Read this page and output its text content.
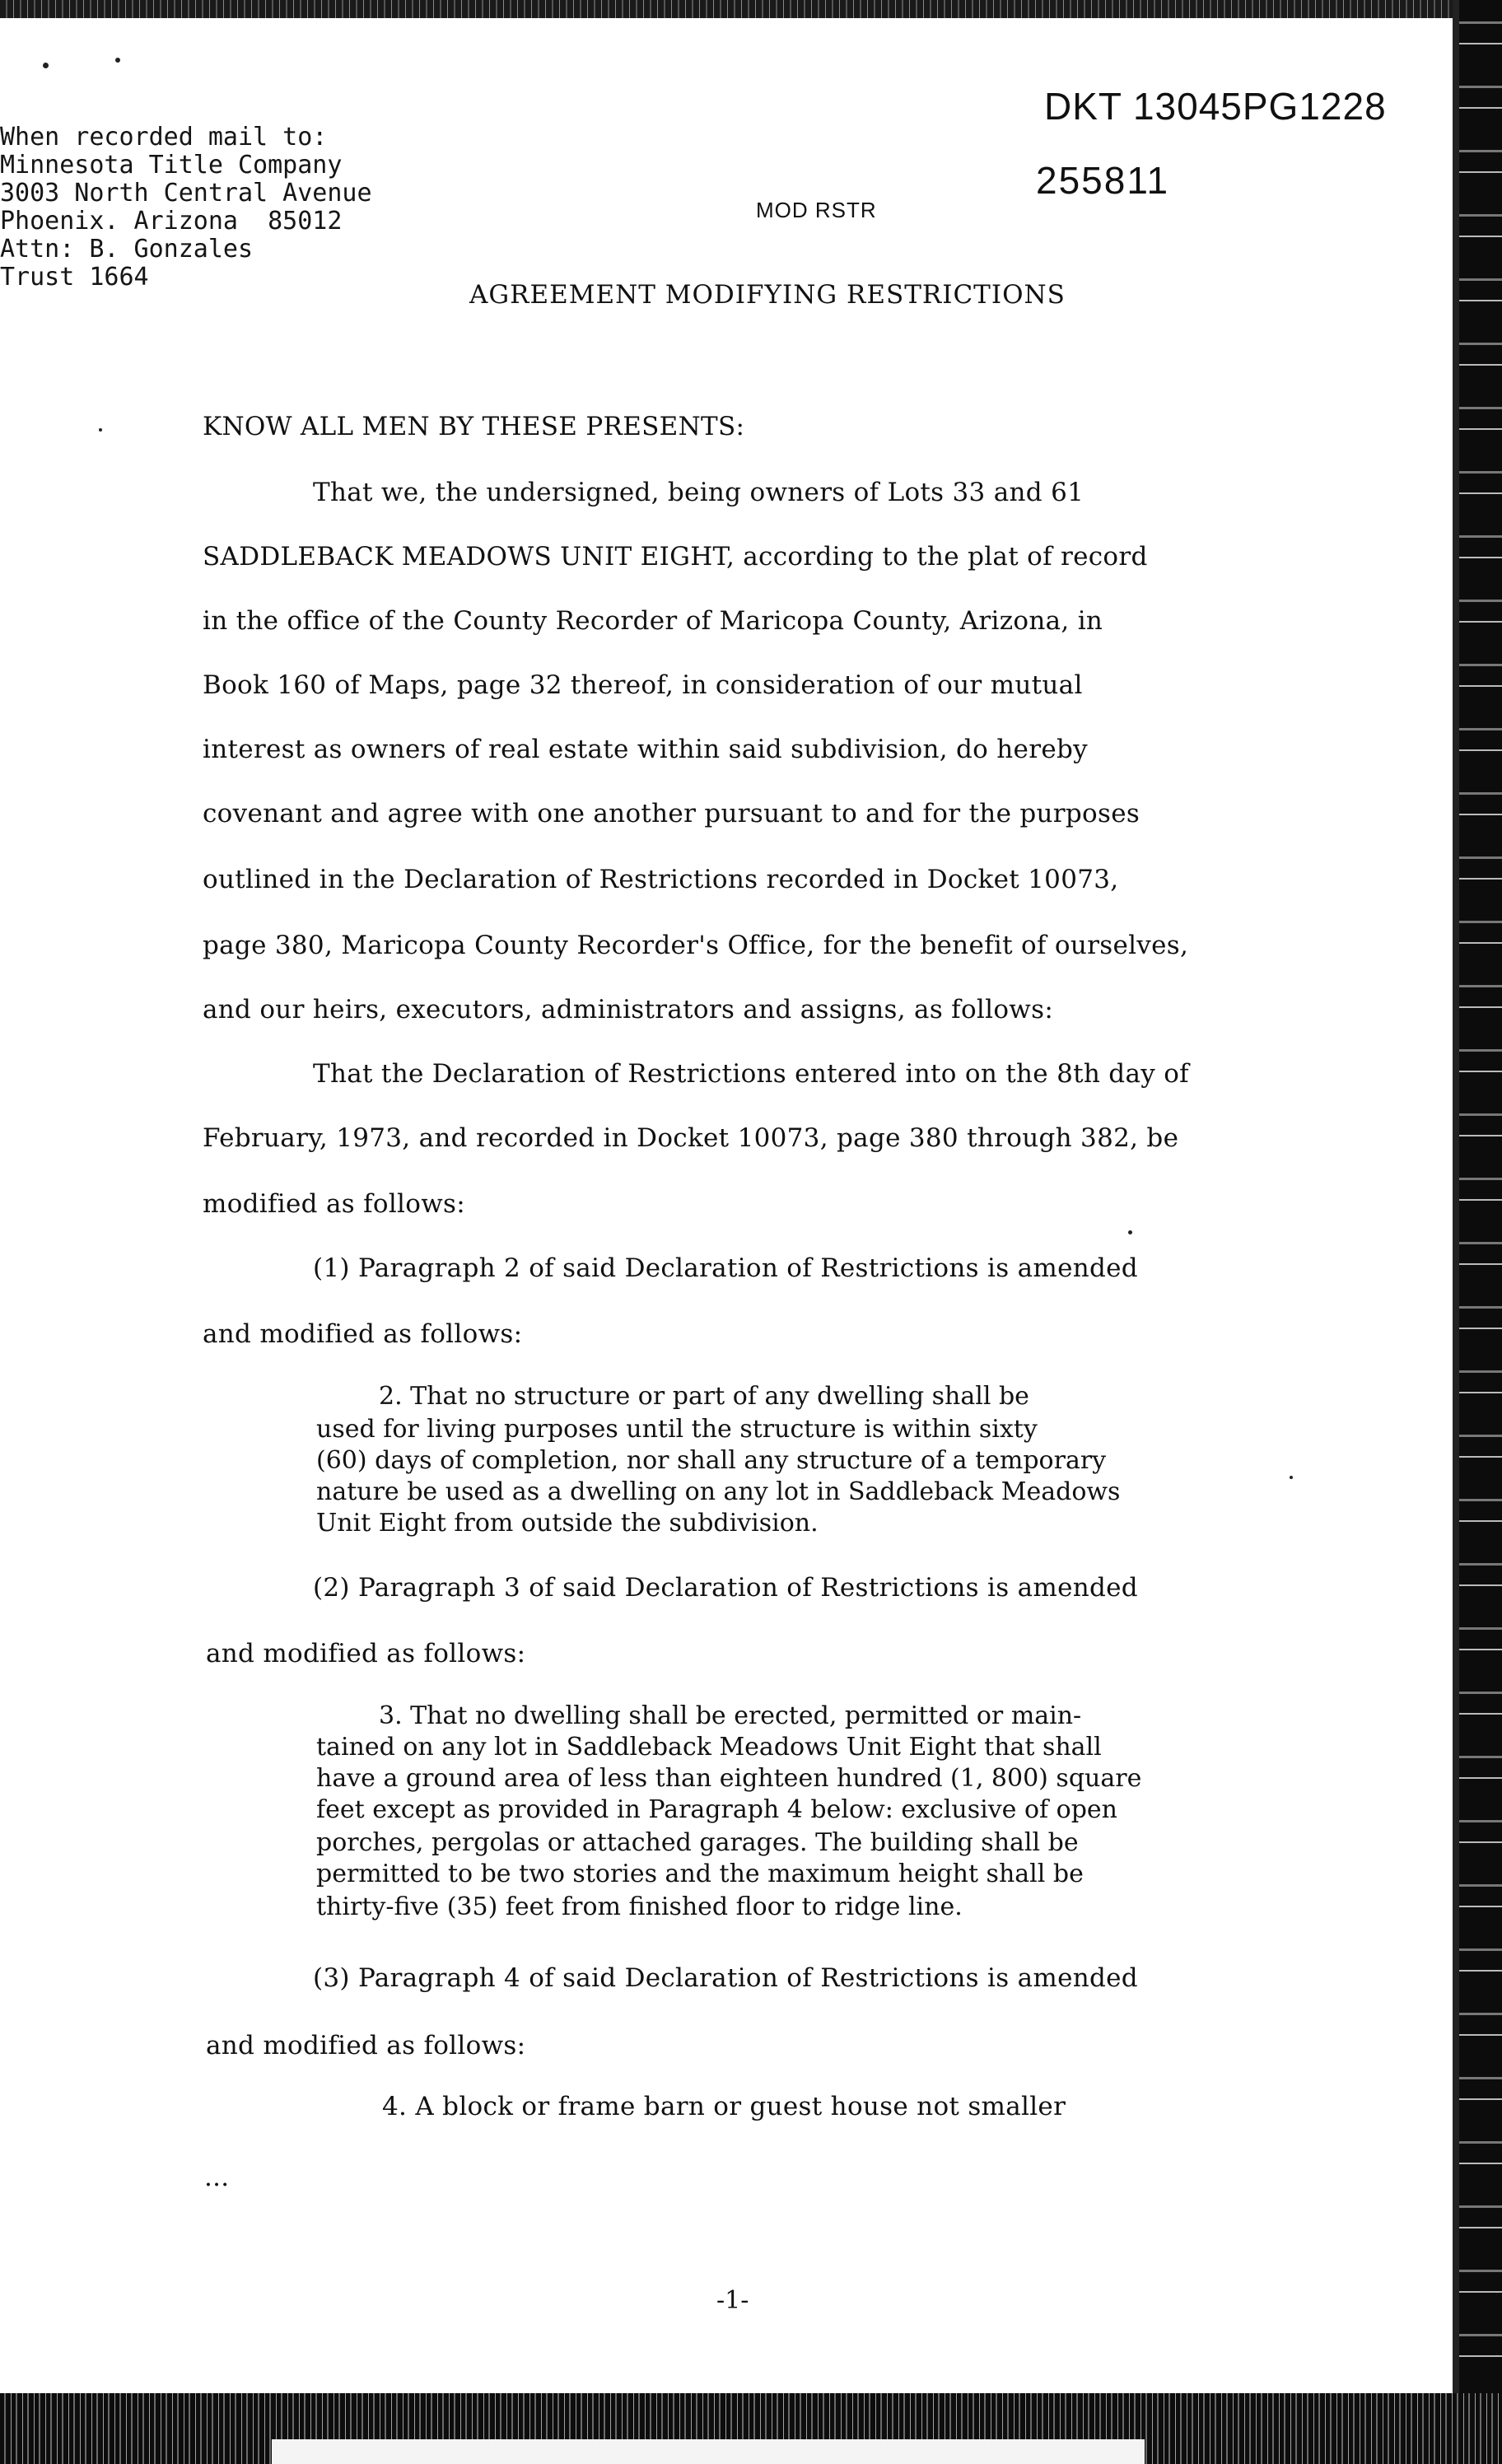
When recorded mail to:
Minnesota Title Company
3003 North Central Avenue
Phoenix. Arizona  85012
Attn: B. Gonzales
Trust 1664
DKT 13045PG1228
255811
MOD RSTR
AGREEMENT MODIFYING RESTRICTIONS
KNOW ALL MEN BY THESE PRESENTS:
That we, the undersigned, being owners of Lots 33 and 61
SADDLEBACK MEADOWS UNIT EIGHT, according to the plat of record
in the office of the County Recorder of Maricopa County, Arizona, in
Book 160 of Maps, page 32 thereof, in consideration of our mutual
interest as owners of real estate within said subdivision, do hereby
covenant and agree with one another pursuant to and for the purposes
outlined in the Declaration of Restrictions recorded in Docket 10073,
page 380, Maricopa County Recorder's Office, for the benefit of ourselves,
and our heirs, executors, administrators and assigns, as follows:
That the Declaration of Restrictions entered into on the 8th day of
February, 1973, and recorded in Docket 10073, page 380 through 382, be
modified as follows:
(1) Paragraph 2 of said Declaration of Restrictions is amended
and modified as follows:
2. That no structure or part of any dwelling shall be
used for living purposes until the structure is within sixty
(60) days of completion, nor shall any structure of a temporary
nature be used as a dwelling on any lot in Saddleback Meadows
Unit Eight from outside the subdivision.
(2) Paragraph 3 of said Declaration of Restrictions is amended
and modified as follows:
3. That no dwelling shall be erected, permitted or main-
tained on any lot in Saddleback Meadows Unit Eight that shall
have a ground area of less than eighteen hundred (1, 800) square
feet except as provided in Paragraph 4 below: exclusive of open
porches, pergolas or attached garages. The building shall be
permitted to be two stories and the maximum height shall be
thirty-five (35) feet from finished floor to ridge line.
(3) Paragraph 4 of said Declaration of Restrictions is amended
and modified as follows:
4. A block or frame barn or guest house not smaller
...
-1-
